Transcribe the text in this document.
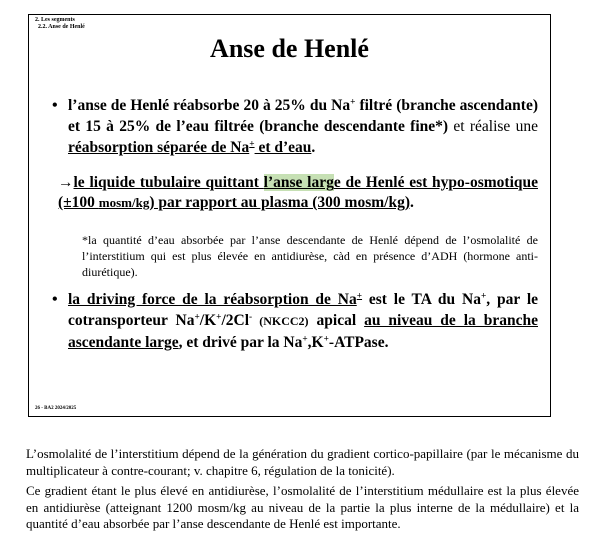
2. Les segments
2.2. Anse de Henlé
Anse de Henlé
• l’anse de Henlé réabsorbe 20 à 25% du Na+ filtré (branche ascendante) et 15 à 25% de l’eau filtrée (branche descendante fine*) et réalise une réabsorption séparée de Na+ et d’eau.
→le liquide tubulaire quittant l’anse large de Henlé est hypo-osmotique (±100 mosm/kg) par rapport au plasma (300 mosm/kg).
*la quantité d’eau absorbée par l’anse descendante de Henlé dépend de l’osmolalité de l’interstitium qui est plus élevée en antidiurèse, càd en présence d’ADH (hormone anti-diurétique).
• la driving force de la réabsorption de Na+ est le TA du Na+, par le cotransporteur Na+/K+/2Cl- (NKCC2) apical au niveau de la branche ascendante large, et drivé par la Na+,K+-ATPase.
26 - BA2 2024/2025
L’osmolalité de l’interstitium dépend de la génération du gradient cortico-papillaire (par le mécanisme du multiplicateur à contre-courant; v. chapitre 6, régulation de la tonicité).
Ce gradient étant le plus élevé en antidiurèse, l’osmolalité de l’interstitium médullaire est la plus élevée en antidiurèse (atteignant 1200 mosm/kg au niveau de la partie la plus interne de la médullaire) et la quantité d’eau absorbée par l’anse descendante de Henlé est importante.
